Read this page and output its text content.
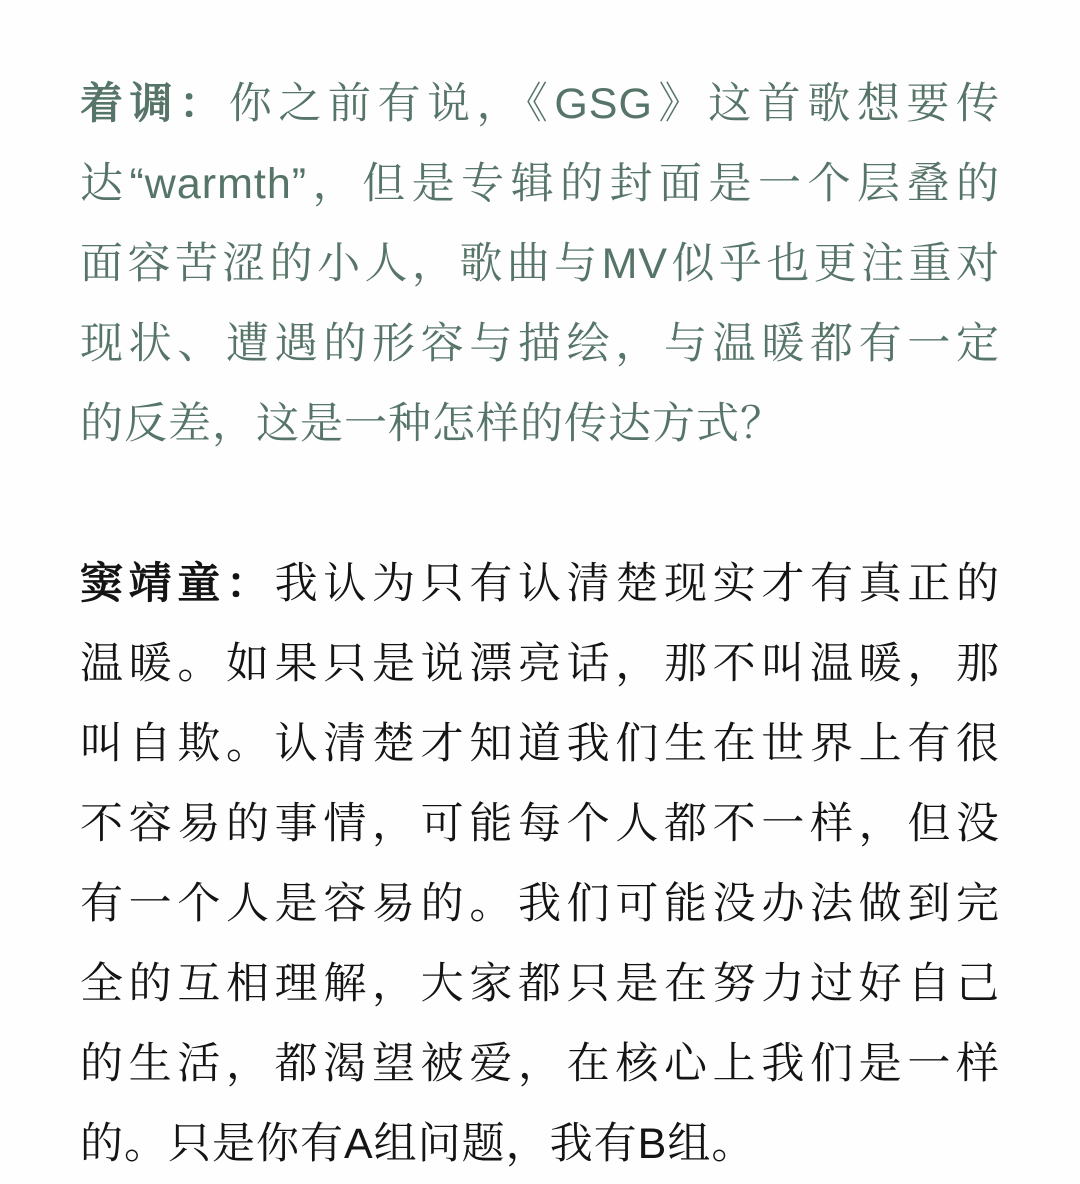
着调：你之前有说，《GSG》这首歌想要传
达“warmth”，但是专辑的封面是一个层叠的
面容苦涩的小人，歌曲与MV似乎也更注重对
现状、遭遇的形容与描绘，与温暖都有一定
的反差，这是一种怎样的传达方式？
窦靖童：我认为只有认清楚现实才有真正的
温暖。如果只是说漂亮话，那不叫温暖，那
叫自欺。认清楚才知道我们生在世界上有很
不容易的事情，可能每个人都不一样，但没
有一个人是容易的。我们可能没办法做到完
全的互相理解，大家都只是在努力过好自己
的生活，都渴望被爱，在核心上我们是一样
的。只是你有A组问题，我有B组。
